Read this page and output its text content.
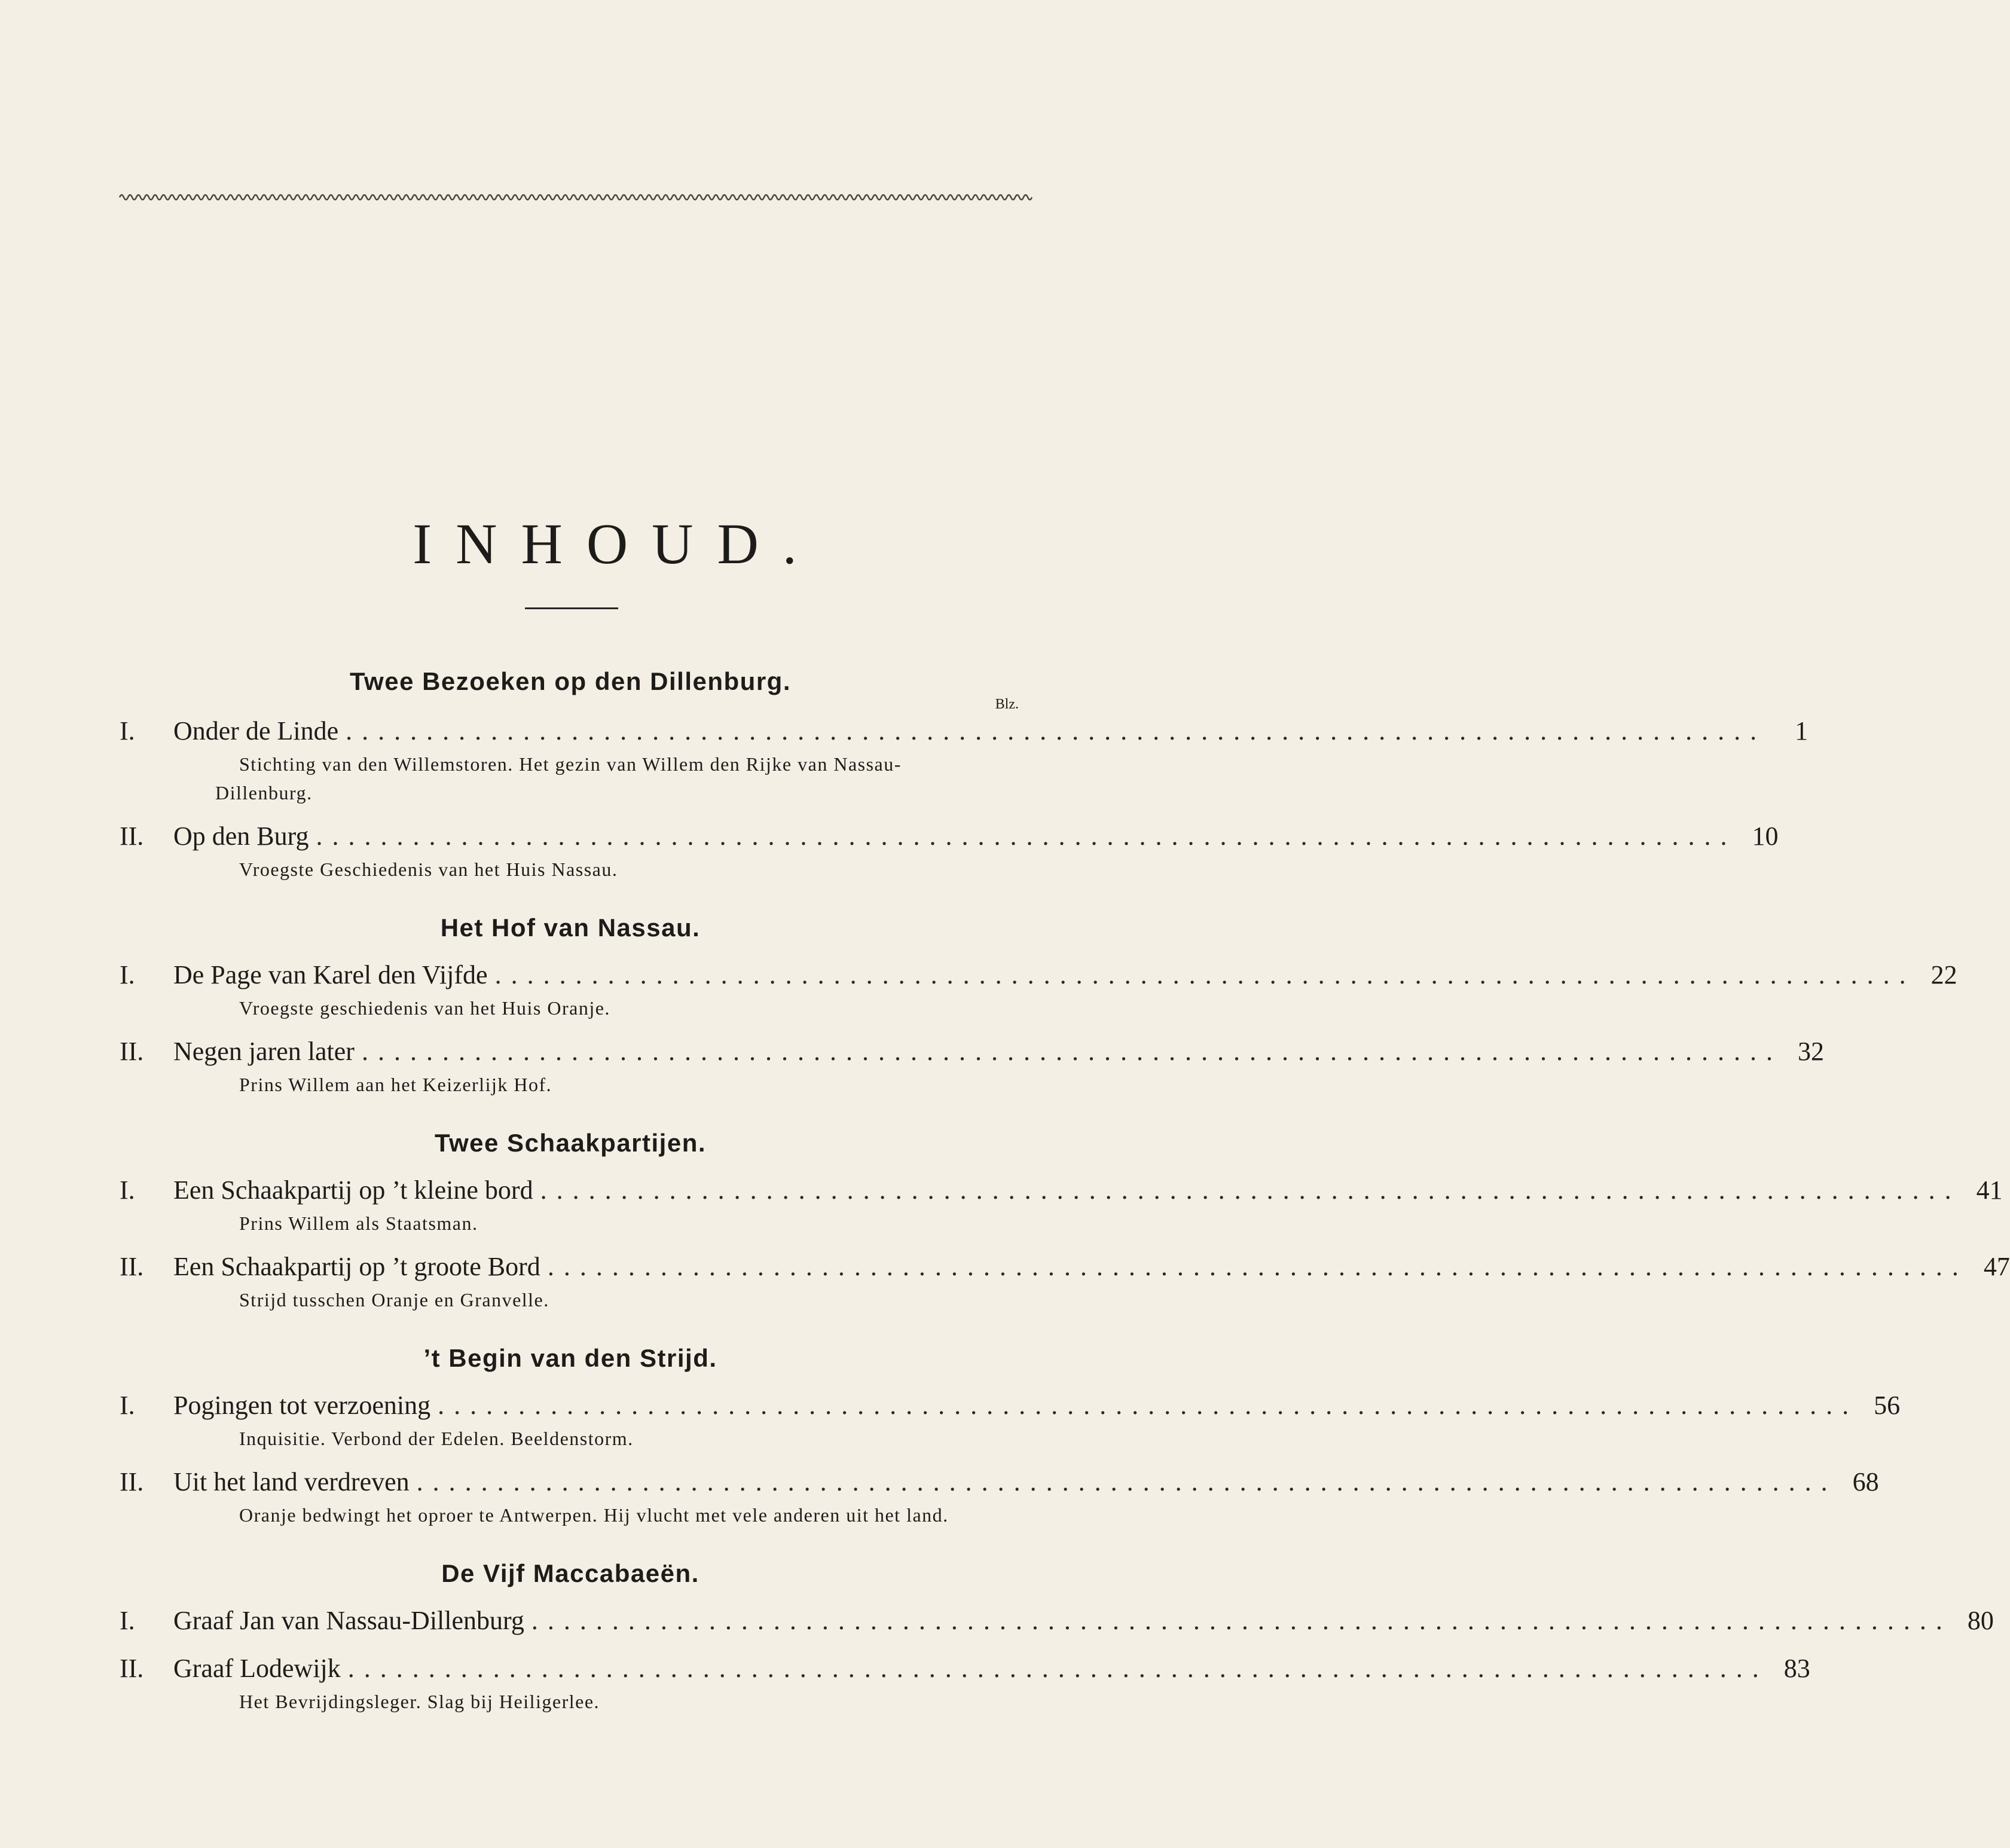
INHOUD.
Twee Bezoeken op den Dillenburg.
Blz.
I.	Onder de Linde ........................................................................................	1
Stichting van den Willemstoren. Het gezin van Willem den Rijke van Nassau-Dillenburg.
II.	Op den Burg ........................................................................................ 10
Vroegste Geschiedenis van het Huis Nassau.
Het Hof van Nassau.
I.	De Page van Karel den Vijfde ........................................................................................ 22
Vroegste geschiedenis van het Huis Oranje.
II.	Negen jaren later ........................................................................................ 32
Prins Willem aan het Keizerlijk Hof.
Twee Schaakpartijen.
I.	Een Schaakpartij op ’t kleine bord ........................................................................................ 41
Prins Willem als Staatsman.
II.	Een Schaakpartij op ’t groote Bord ........................................................................................ 47
Strijd tusschen Oranje en Granvelle.
’t Begin van den Strijd.
I.	Pogingen tot verzoening ........................................................................................ 56
Inquisitie. Verbond der Edelen. Beeldenstorm.
II.	Uit het land verdreven ........................................................................................ 68
Oranje bedwingt het oproer te Antwerpen. Hij vlucht met vele anderen uit het land.
De Vijf Maccabaeën.
I.	Graaf Jan van Nassau-Dillenburg ........................................................................................ 80
II.	Graaf Lodewijk ........................................................................................ 83
Het Bevrijdingsleger. Slag bij Heiligerlee.
